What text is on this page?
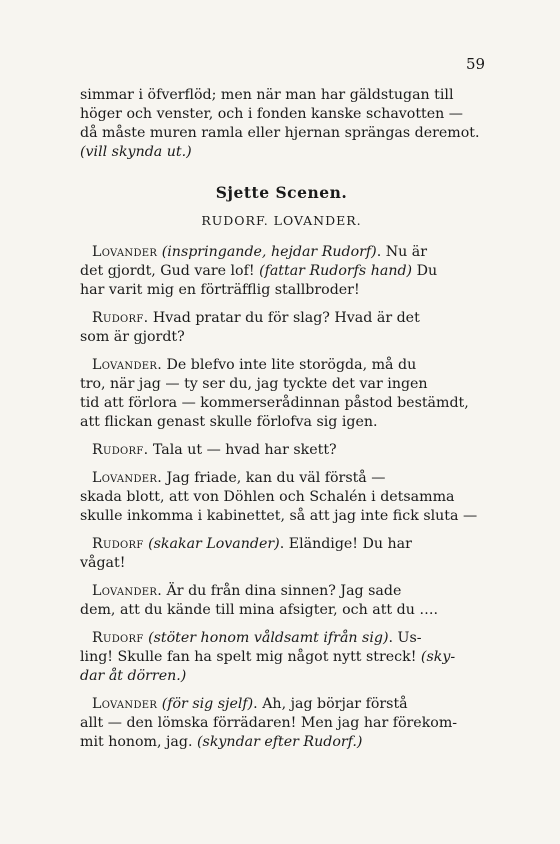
59
simmar i öfverflöd; men när man har gäldstugan till
höger och venster, och i fonden kanske schavotten —
då måste muren ramla eller hjernan sprängas deremot.
(vill skynda ut.)
Sjette Scenen.
RUDORF. LOVANDER.
Lovander (inspringande, hejdar Rudorf). Nu är
det gjordt, Gud vare lof! (fattar Rudorfs hand) Du
har varit mig en förträfflig stallbroder!
Rudorf. Hvad pratar du för slag? Hvad är det
som är gjordt?
Lovander. De blefvo inte lite storögda, må du
tro, när jag — ty ser du, jag tyckte det var ingen
tid att förlora — kommerserådinnan påstod bestämdt,
att flickan genast skulle förlofva sig igen.
Rudorf. Tala ut — hvad har skett?
Lovander. Jag friade, kan du väl förstå —
skada blott, att von Döhlen och Schalén i detsamma
skulle inkomma i kabinettet, så att jag inte fick sluta —
Rudorf (skakar Lovander). Eländige! Du har
vågat!
Lovander. Är du från dina sinnen? Jag sade
dem, att du kände till mina afsigter, och att du ….
Rudorf (stöter honom våldsamt ifrån sig). Us-
ling! Skulle fan ha spelt mig något nytt streck! (sky-
dar åt dörren.)
Lovander (för sig sjelf). Ah, jag börjar förstå
allt — den lömska förrädaren! Men jag har förekom-
mit honom, jag. (skyndar efter Rudorf.)
